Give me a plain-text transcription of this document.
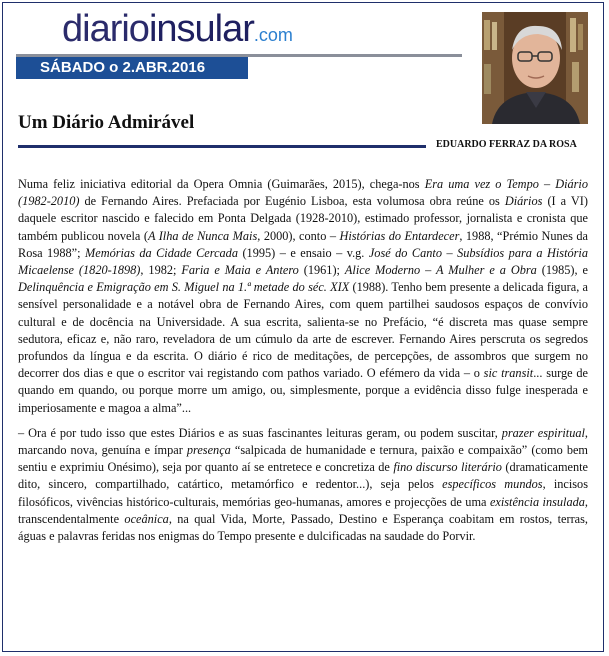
diarioinsular.com
SÁBADO o 2.ABR.2016
Um Diário Admirável
EDUARDO FERRAZ DA ROSA

Numa feliz iniciativa editorial da Opera Omnia (Guimarães, 2015), chega-nos Era uma vez o Tempo – Diário (1982-2010) de Fernando Aires. Prefaciada por Eugénio Lisboa, esta volumosa obra reúne os Diários (I a VI) daquele escritor nascido e falecido em Ponta Delgada (1928-2010), estimado professor, jornalista e cronista que também publicou novela (A Ilha de Nunca Mais, 2000), conto – Histórias do Entardecer, 1988, “Prémio Nunes da Rosa 1988”; Memórias da Cidade Cercada (1995) – e ensaio – v.g. José do Canto – Subsídios para a História Micaelense (1820-1898), 1982; Faria e Maia e Antero (1961); Alice Moderno – A Mulher e a Obra (1985), e Delinquência e Emigração em S. Miguel na 1.ª metade do séc. XIX (1988). Tenho bem presente a delicada figura, a sensível personalidade e a notável obra de Fernando Aires, com quem partilhei saudosos espaços de convívio cultural e de docência na Universidade. A sua escrita, salienta-se no Prefácio, “é discreta mas quase sempre sedutora, eficaz e, não raro, reveladora de um cúmulo da arte de escrever. Fernando Aires perscruta os segredos profundos da língua e da escrita. O diário é rico de meditações, de percepções, de assombros que surgem no decorrer dos dias e que o escritor vai registando com pathos variado. O efémero da vida – o sic transit... surge de quando em quando, ou porque morre um amigo, ou, simplesmente, porque a evidência disso fulge inesperada e imperiosamente e magoa a alma”...

– Ora é por tudo isso que estes Diários e as suas fascinantes leituras geram, ou podem suscitar, prazer espiritual, marcando nova, genuína e ímpar presença “salpicada de humanidade e ternura, paixão e compaixão” (como bem sentiu e exprimiu Onésimo), seja por quanto aí se entretece e concretiza de fino discurso literário (dramaticamente dito, sincero, compartilhado, catártico, metamórfico e redentor...), seja pelos específicos mundos, incisos filosóficos, vivências histórico-culturais, memórias geo-humanas, amores e projecções de uma existência insulada, transcendentalmente oceânica, na qual Vida, Morte, Passado, Destino e Esperança coabitam em rostos, terras, águas e palavras feridas nos enigmas do Tempo presente e dulcificadas na saudade do Porvir.
